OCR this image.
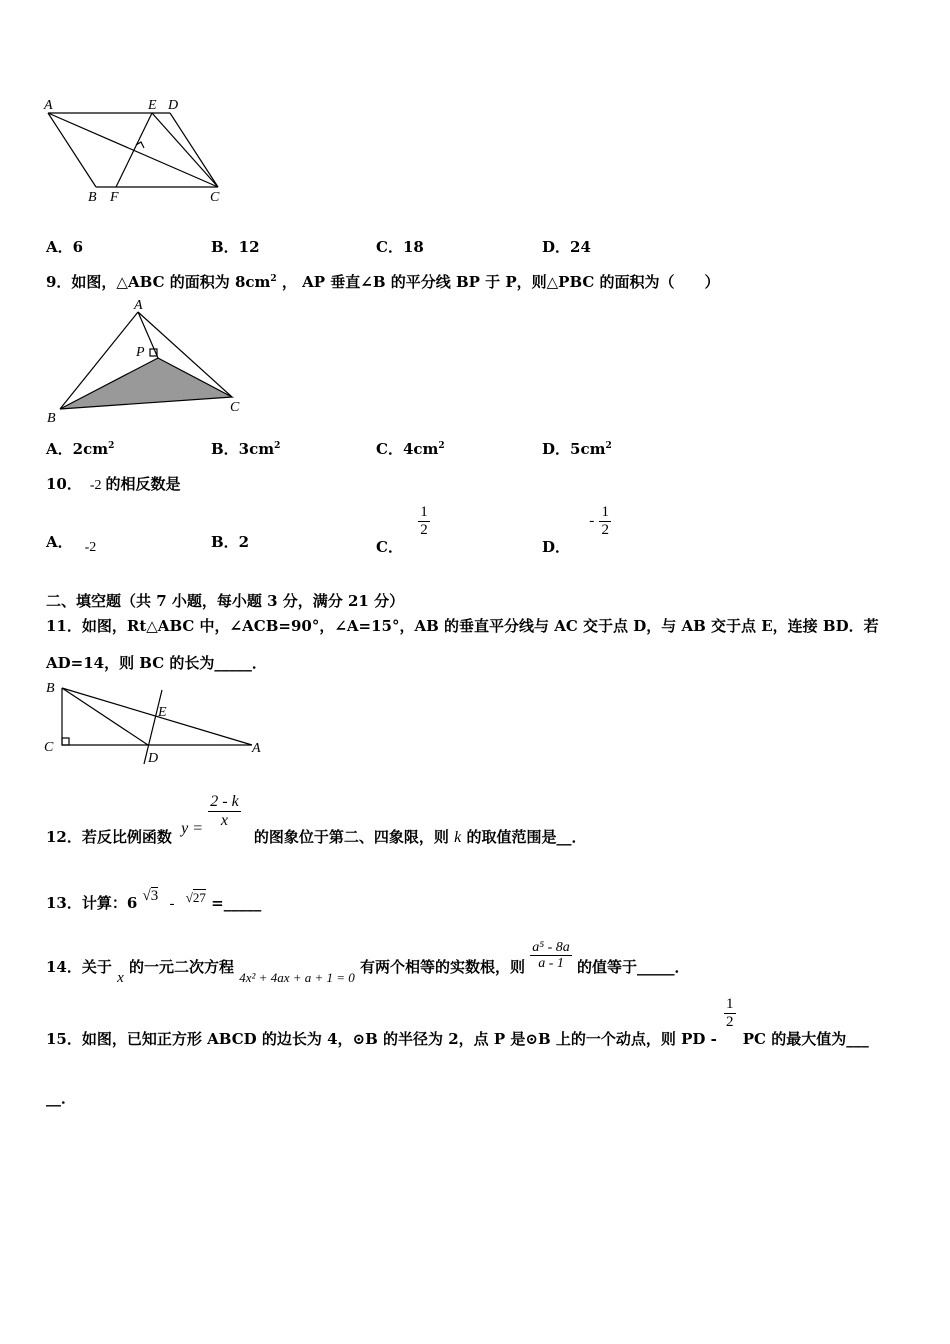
A	E D
B F	C
A．6	B．12	C．18	D．24
9．如图，△ABC 的面积为 $8cm^2$ ， AP 垂直∠B 的平分线 BP 于 P，则△PBC 的面积为（　　）
A
P
B
C
A．$2cm^2$	B．$3cm^2$	C．$4cm^2$	D．$5cm^2$
10． -2 的相反数是
A． -2	B．2	C．
$\frac{1}{2}$
D． - $\frac{1}{2}$
二、填空题（共 7 小题，每小题 3 分，满分 21 分）
11．如图，Rt△ABC 中，∠ACB=90°，∠A=15°，AB 的垂直平分线与 AC 交于点 D，与 AB 交于点 E，连接 BD．若
AD=14，则 BC 的长为_____．
B
E
C
D
A
12．若反比例函数 $y = \frac{2 - k}{x}$
的图象位于第二、四象限，则 k 的取值范围是__．
13．计算：6 √3 - √27 =_____
14．关于 x 的一元二次方程 4x² + 4ax + a + 1 = 0 有两个相等的实数根，则 $\frac{\text{a⁵ - 8a}}{a - 1}$ 的值等于_____．
15．如图，已知正方形 ABCD 的边长为 4，⊙B 的半径为 2，点 P 是⊙B 上的一个动点，则 PD -
$\frac{1}{2}$
PC 的最大值为___
__．
